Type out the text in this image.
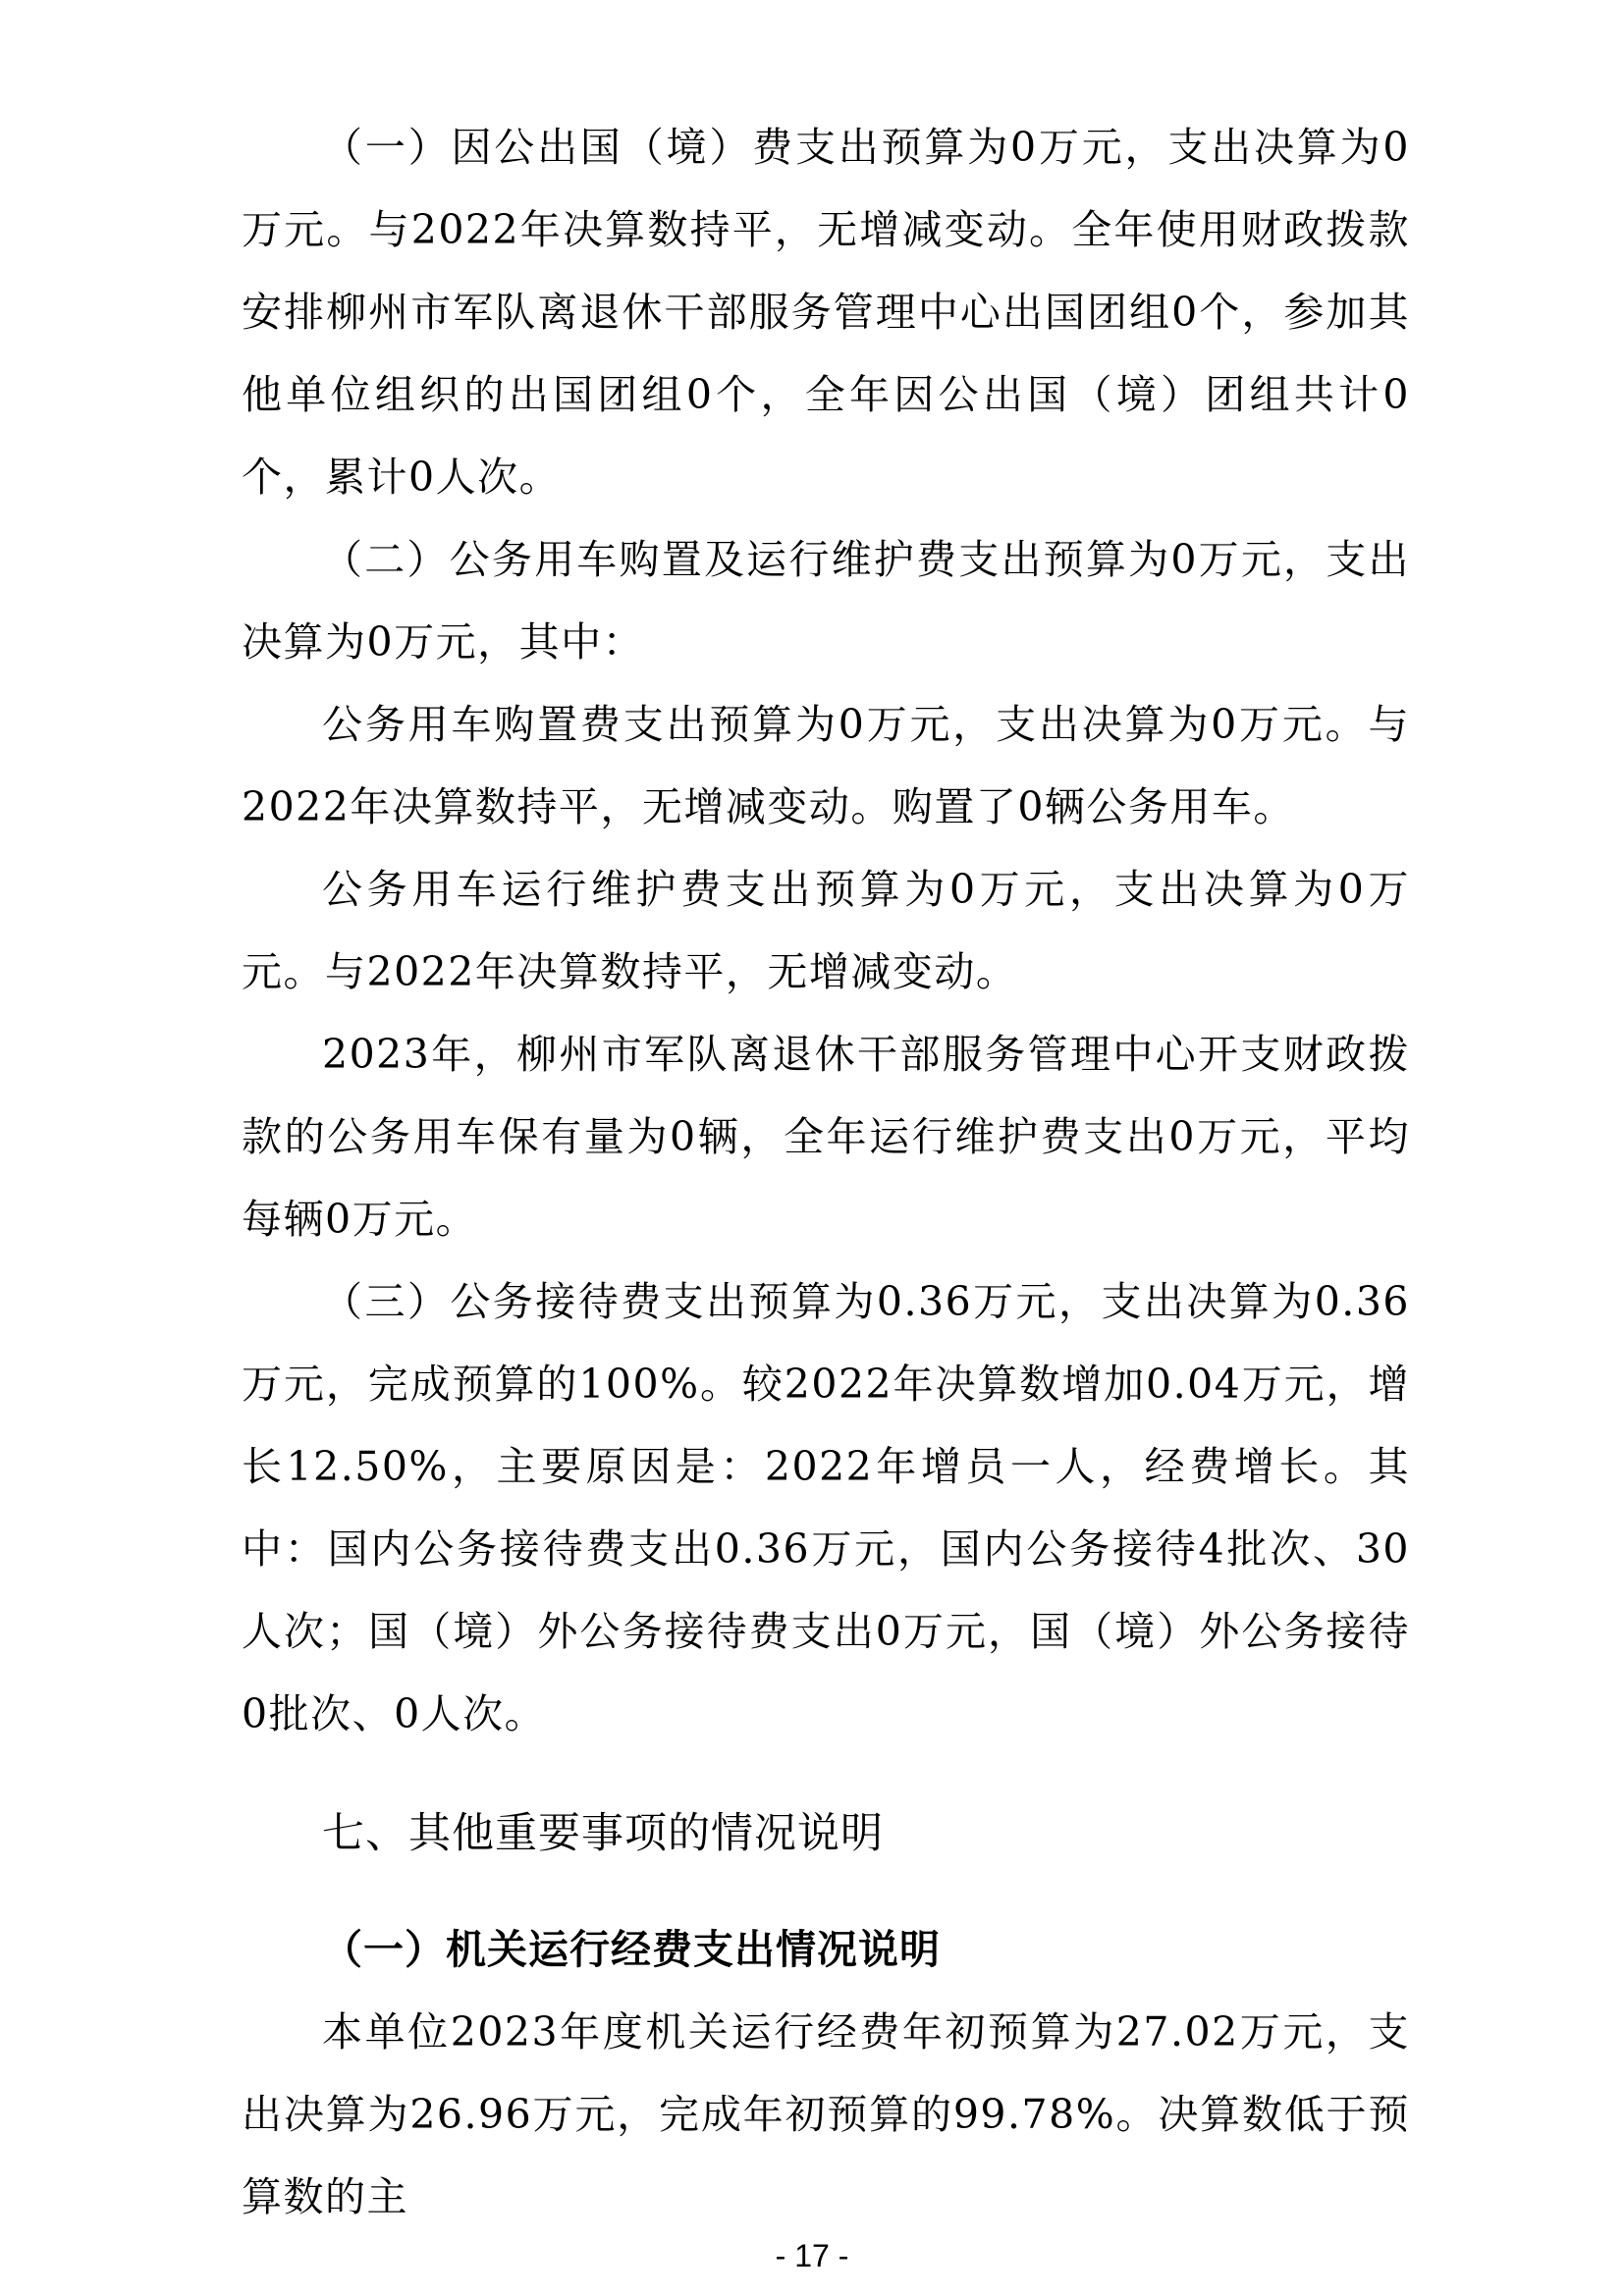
（一）因公出国（境）费支出预算为0万元，支出决算为0万元。与2022年决算数持平，无增减变动。全年使用财政拨款安排柳州市军队离退休干部服务管理中心出国团组0个，参加其他单位组织的出国团组0个，全年因公出国（境）团组共计0个，累计0人次。

（二）公务用车购置及运行维护费支出预算为0万元，支出决算为0万元，其中：

公务用车购置费支出预算为0万元，支出决算为0万元。与2022年决算数持平，无增减变动。购置了0辆公务用车。

公务用车运行维护费支出预算为0万元，支出决算为0万元。与2022年决算数持平，无增减变动。

2023年，柳州市军队离退休干部服务管理中心开支财政拨款的公务用车保有量为0辆，全年运行维护费支出0万元，平均每辆0万元。

（三）公务接待费支出预算为0.36万元，支出决算为0.36万元，完成预算的100%。较2022年决算数增加0.04万元，增长12.50%，主要原因是：2022年增员一人，经费增长。其中：国内公务接待费支出0.36万元，国内公务接待4批次、30人次；国（境）外公务接待费支出0万元，国（境）外公务接待0批次、0人次。

七、其他重要事项的情况说明
（一）机关运行经费支出情况说明

本单位2023年度机关运行经费年初预算为27.02万元，支出决算为26.96万元，完成年初预算的99.78%。决算数低于预算数的主

- 17 -
